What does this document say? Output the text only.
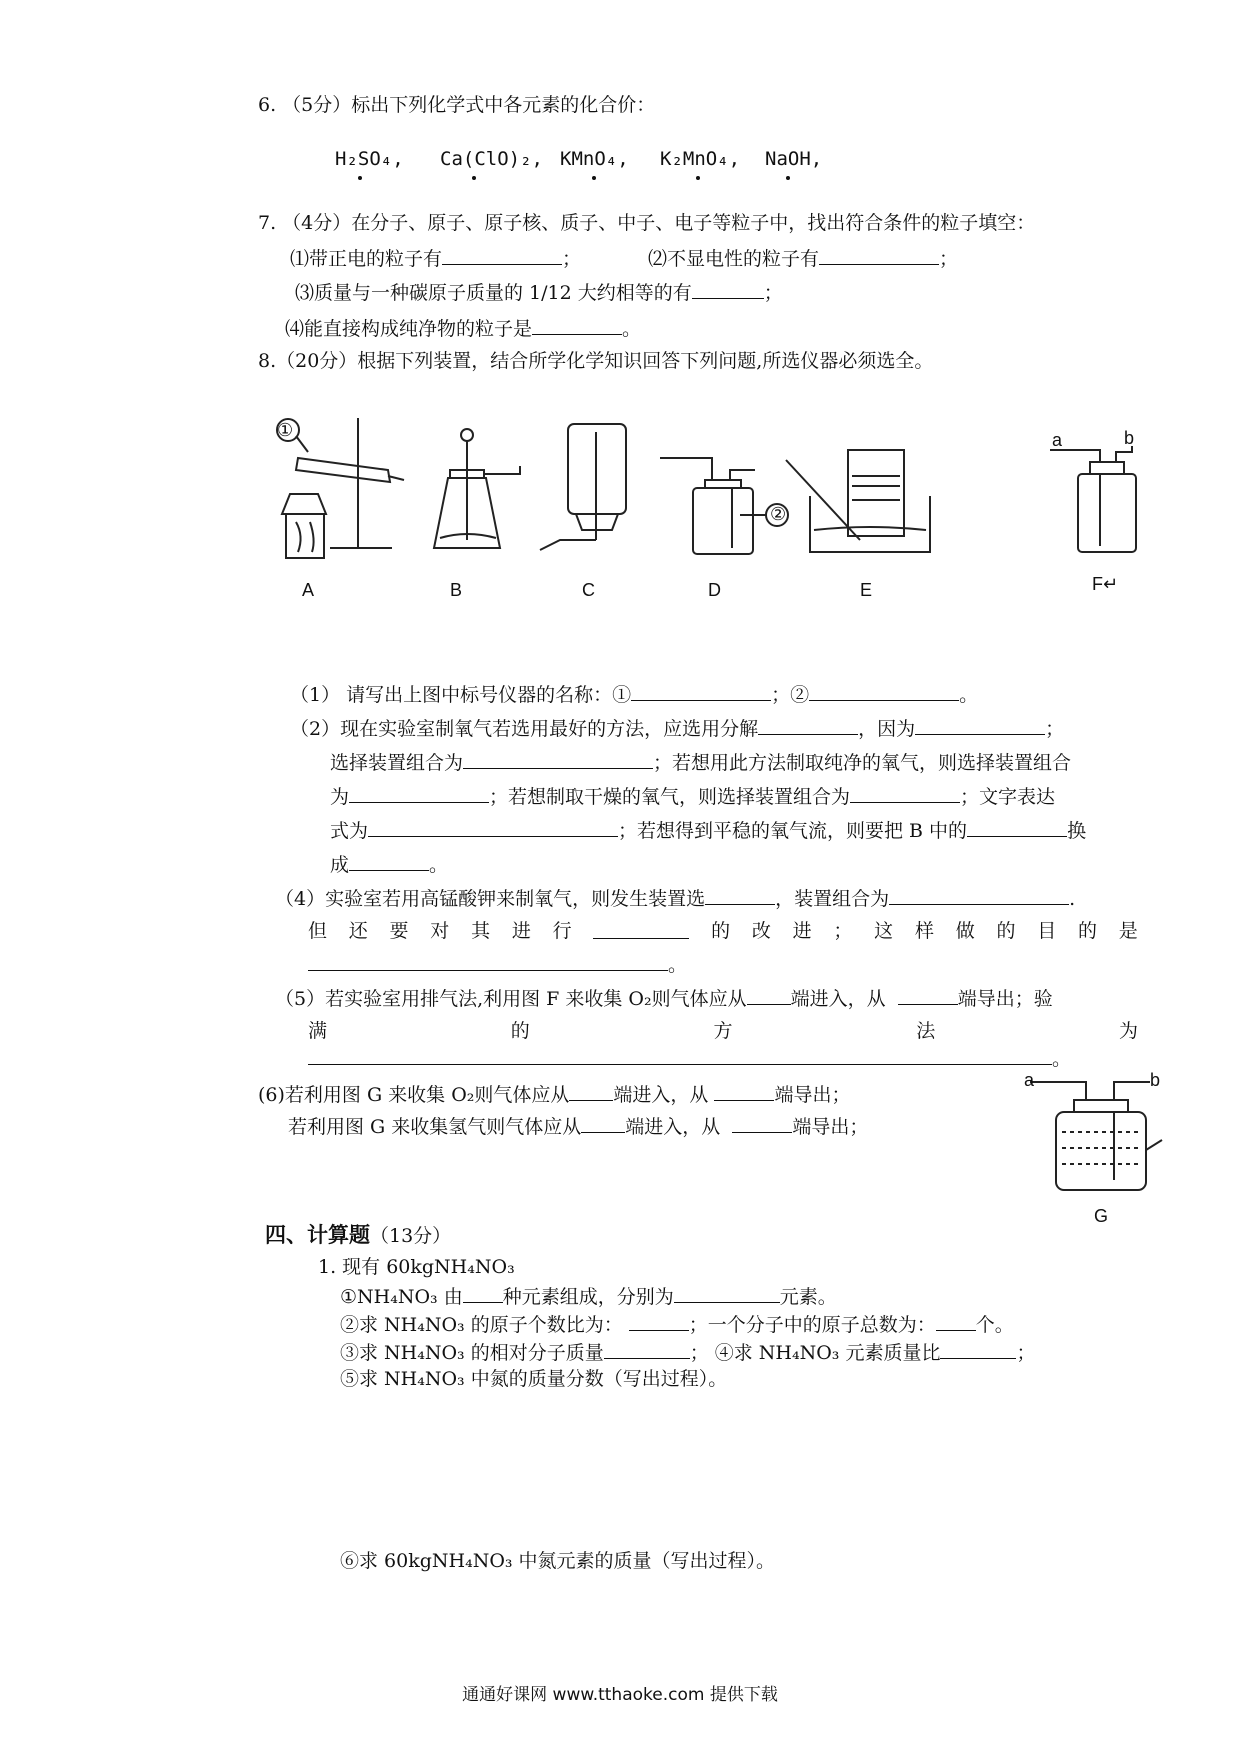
6. （5分）标出下列化学式中各元素的化合价：
H₂SO₄, Ca(ClO)₂, KMnO₄, K₂MnO₄, NaOH,
7. （4分）在分子、原子、原子核、质子、中子、电子等粒子中，找出符合条件的粒子填空：
⑴带正电的粒子有	；	⑵不显电性的粒子有	；
⑶质量与一种碳原子质量的 1/12 大约相等的有	；
⑷能直接构成纯净物的粒子是	。
8.（20分）根据下列装置，结合所学化学知识回答下列问题,所选仪器必须选全。
①
②
a	b
A	B	C	D	E	F↵
（1） 请写出上图中标号仪器的名称：①	；②	。
（2）现在实验室制氧气若选用最好的方法，应选用分解	，因为	；
选择装置组合为	；若想用此方法制取纯净的氧气，则选择装置组合
为	；若想制取干燥的氧气，则选择装置组合为	；文字表达
式为	；若想得到平稳的氧气流，则要把 B 中的	换
成	。
（4）实验室若用高锰酸钾来制氧气，则发生装置选	，装置组合为	.
但 还 要 对 其 进 行	的 改 进 ； 这 样 做 的 目 的 是
。
（5）若实验室用排气法,利用图 F 来收集 O₂则气体应从 端进入，从	端导出；验
满	的	方	法	为
。
(6)若利用图 G 来收集 O₂则气体应从 端进入，从	端导出；
若利用图 G 来收集氢气则气体应从 端进入，从	端导出；
a	b
G
四、计算题（13分）
1. 现有 60kgNH₄NO₃
①NH₄NO₃ 由 种元素组成，分别为	元素。
②求 NH₄NO₃ 的原子个数比为：	；一个分子中的原子总数为： 个。
③求 NH₄NO₃ 的相对分子质量	； ④求 NH₄NO₃ 元素质量比	；
⑤求 NH₄NO₃ 中氮的质量分数（写出过程）。
⑥求 60kgNH₄NO₃ 中氮元素的质量（写出过程）。
通通好课网 www.tthaoke.com 提供下载
